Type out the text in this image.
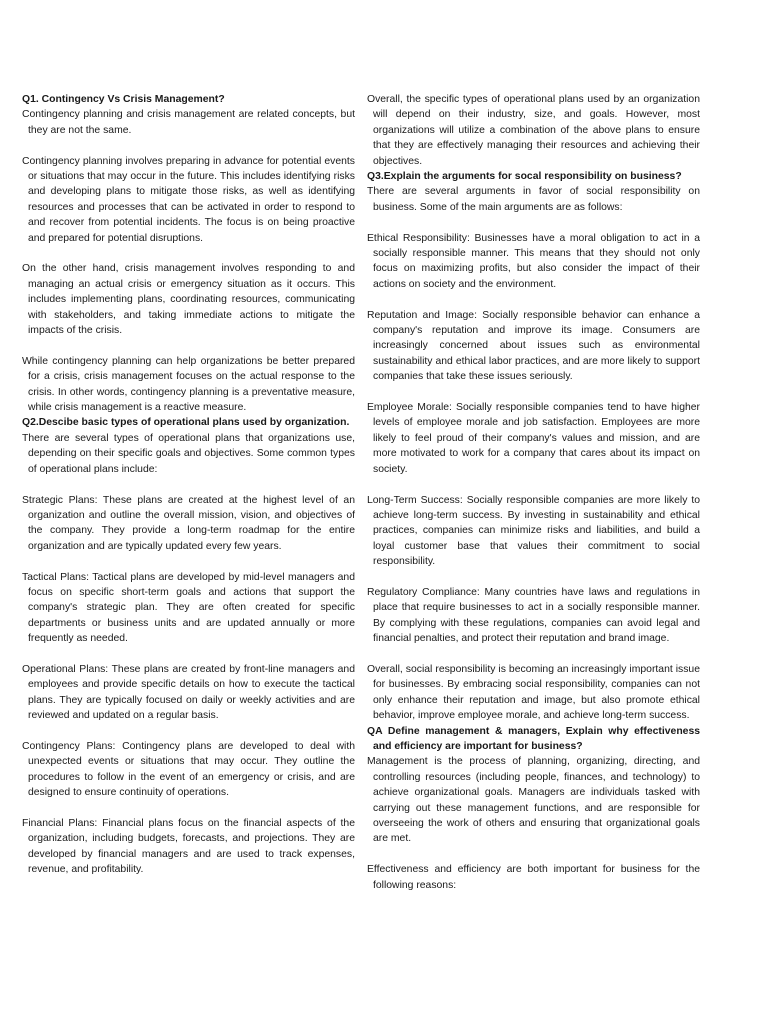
Q1. Contingency Vs Crisis Management?

Contingency planning and crisis management are related concepts, but they are not the same.

Contingency planning involves preparing in advance for potential events or situations that may occur in the future. This includes identifying risks and developing plans to mitigate those risks, as well as identifying resources and processes that can be activated in order to respond to and recover from potential incidents. The focus is on being proactive and prepared for potential disruptions.

On the other hand, crisis management involves responding to and managing an actual crisis or emergency situation as it occurs. This includes implementing plans, coordinating resources, communicating with stakeholders, and taking immediate actions to mitigate the impacts of the crisis.

While contingency planning can help organizations be better prepared for a crisis, crisis management focuses on the actual response to the crisis. In other words, contingency planning is a preventative measure, while crisis management is a reactive measure.

Q2.Descibe basic types of operational plans used by organization.

There are several types of operational plans that organizations use, depending on their specific goals and objectives. Some common types of operational plans include:

Strategic Plans: These plans are created at the highest level of an organization and outline the overall mission, vision, and objectives of the company. They provide a long-term roadmap for the entire organization and are typically updated every few years.

Tactical Plans: Tactical plans are developed by mid-level managers and focus on specific short-term goals and actions that support the company's strategic plan. They are often created for specific departments or business units and are updated annually or more frequently as needed.

Operational Plans: These plans are created by front-line managers and employees and provide specific details on how to execute the tactical plans. They are typically focused on daily or weekly activities and are reviewed and updated on a regular basis.

Contingency Plans: Contingency plans are developed to deal with unexpected events or situations that may occur. They outline the procedures to follow in the event of an emergency or crisis, and are designed to ensure continuity of operations.

Financial Plans: Financial plans focus on the financial aspects of the organization, including budgets, forecasts, and projections. They are developed by financial managers and are used to track expenses, revenue, and profitability.

Overall, the specific types of operational plans used by an organization will depend on their industry, size, and goals. However, most organizations will utilize a combination of the above plans to ensure that they are effectively managing their resources and achieving their objectives.

Q3.Explain the arguments for socal responsibility on business?

There are several arguments in favor of social responsibility on business. Some of the main arguments are as follows:

Ethical Responsibility: Businesses have a moral obligation to act in a socially responsible manner. This means that they should not only focus on maximizing profits, but also consider the impact of their actions on society and the environment.

Reputation and Image: Socially responsible behavior can enhance a company's reputation and improve its image. Consumers are increasingly concerned about issues such as environmental sustainability and ethical labor practices, and are more likely to support companies that take these issues seriously.

Employee Morale: Socially responsible companies tend to have higher levels of employee morale and job satisfaction. Employees are more likely to feel proud of their company's values and mission, and are more motivated to work for a company that cares about its impact on society.

Long-Term Success: Socially responsible companies are more likely to achieve long-term success. By investing in sustainability and ethical practices, companies can minimize risks and liabilities, and build a loyal customer base that values their commitment to social responsibility.

Regulatory Compliance: Many countries have laws and regulations in place that require businesses to act in a socially responsible manner. By complying with these regulations, companies can avoid legal and financial penalties, and protect their reputation and brand image.

Overall, social responsibility is becoming an increasingly important issue for businesses. By embracing social responsibility, companies can not only enhance their reputation and image, but also promote ethical behavior, improve employee morale, and achieve long-term success.

QA Define management & managers, Explain why effectiveness and efficiency are important for business?

Management is the process of planning, organizing, directing, and controlling resources (including people, finances, and technology) to achieve organizational goals. Managers are individuals tasked with carrying out these management functions, and are responsible for overseeing the work of others and ensuring that organizational goals are met.

Effectiveness and efficiency are both important for business for the following reasons:
